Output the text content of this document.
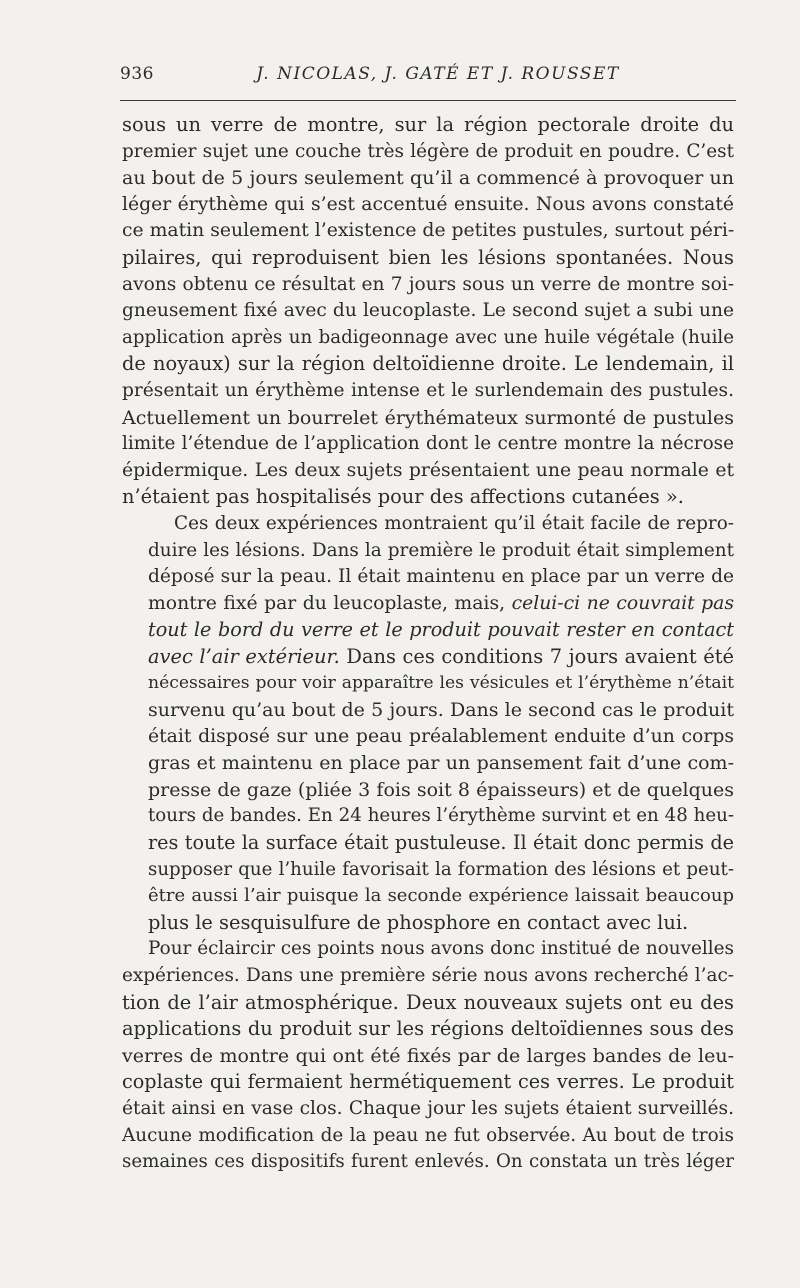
936	J. NICOLAS, J. GATÉ ET J. ROUSSET

sous un verre de montre, sur la région pectorale droite du
premier sujet une couche très légère de produit en poudre. C’est
au bout de 5 jours seulement qu’il a commencé à provoquer un
léger érythème qui s’est accentué ensuite. Nous avons constaté
ce matin seulement l’existence de petites pustules, surtout péri-
pilaires, qui reproduisent bien les lésions spontanées. Nous
avons obtenu ce résultat en 7 jours sous un verre de montre soi-
gneusement fixé avec du leucoplaste. Le second sujet a subi une
application après un badigeonnage avec une huile végétale (huile
de noyaux) sur la région deltoïdienne droite. Le lendemain, il
présentait un érythème intense et le surlendemain des pustules.
Actuellement un bourrelet érythémateux surmonté de pustules
limite l’étendue de l’application dont le centre montre la nécrose
épidermique. Les deux sujets présentaient une peau normale et
n’étaient pas hospitalisés pour des affections cutanées ».

Ces deux expériences montraient qu’il était facile de repro-
duire les lésions. Dans la première le produit était simplement
déposé sur la peau. Il était maintenu en place par un verre de
montre fixé par du leucoplaste, mais, celui-ci ne couvrait pas
tout le bord du verre et le produit pouvait rester en contact
avec l’air extérieur. Dans ces conditions 7 jours avaient été
nécessaires pour voir apparaître les vésicules et l’érythème n’était
survenu qu’au bout de 5 jours. Dans le second cas le produit
était disposé sur une peau préalablement enduite d’un corps
gras et maintenu en place par un pansement fait d’une com-
presse de gaze (pliée 3 fois soit 8 épaisseurs) et de quelques
tours de bandes. En 24 heures l’érythème survint et en 48 heu-
res toute la surface était pustuleuse. Il était donc permis de
supposer que l’huile favorisait la formation des lésions et peut-
être aussi l’air puisque la seconde expérience laissait beaucoup
plus le sesquisulfure de phosphore en contact avec lui.

Pour éclaircir ces points nous avons donc institué de nouvelles
expériences. Dans une première série nous avons recherché l’ac-
tion de l’air atmosphérique. Deux nouveaux sujets ont eu des
applications du produit sur les régions deltoïdiennes sous des
verres de montre qui ont été fixés par de larges bandes de leu-
coplaste qui fermaient hermétiquement ces verres. Le produit
était ainsi en vase clos. Chaque jour les sujets étaient surveillés.
Aucune modification de la peau ne fut observée. Au bout de trois
semaines ces dispositifs furent enlevés. On constata un très léger
